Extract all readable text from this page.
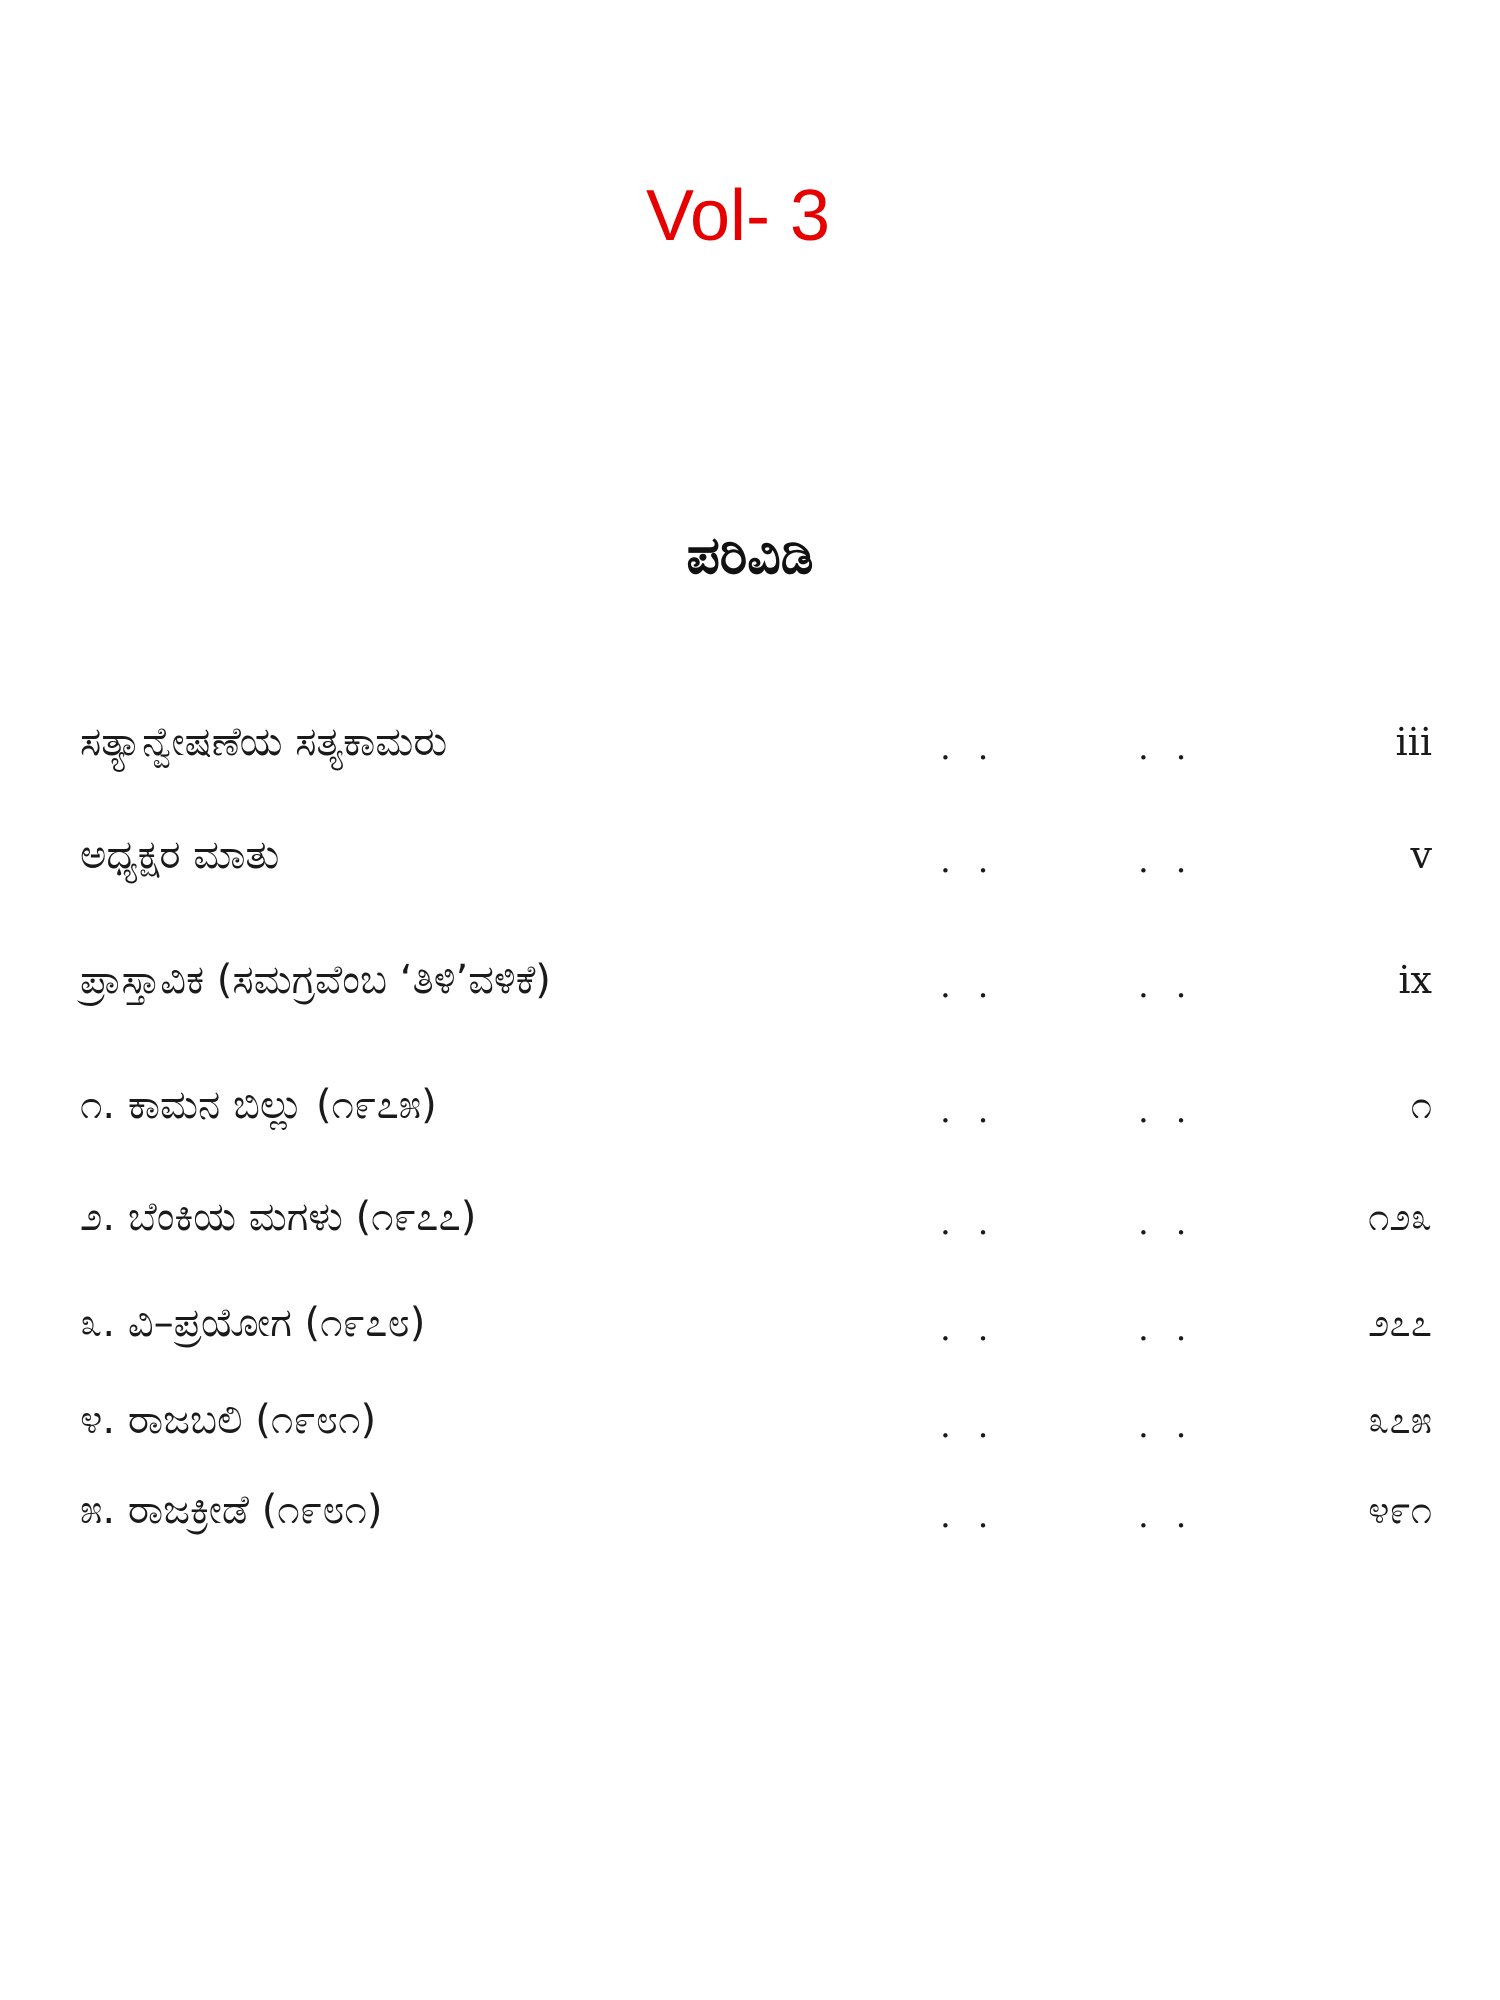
Vol- 3
ಪರಿವಿಡಿ
ಸತ್ಯಾನ್ವೇಷಣೆಯ ಸತ್ಯಕಾಮರು	. .	. .	iii
ಅಧ್ಯಕ್ಷರ ಮಾತು	. .	. .	v
ಪ್ರಾಸ್ತಾವಿಕ (ಸಮಗ್ರವೆಂಬ ‘ತಿಳಿ’ವಳಿಕೆ)	. .	. .	ix
೧. ಕಾಮನ ಬಿಲ್ಲು (೧೯೭೫)	. .	. .	೧
೨. ಬೆಂಕಿಯ ಮಗಳು (೧೯೭೭)	. .	. .	೧೨೩
೩. ವಿ–ಪ್ರಯೋಗ (೧೯೭೮)	. .	. .	೨೭೭
೪. ರಾಜಬಲಿ (೧೯೮೧)	. .	. .	೩೭೫
೫. ರಾಜಕ್ರೀಡೆ (೧೯೮೧)	. .	. .	೪೯೧
